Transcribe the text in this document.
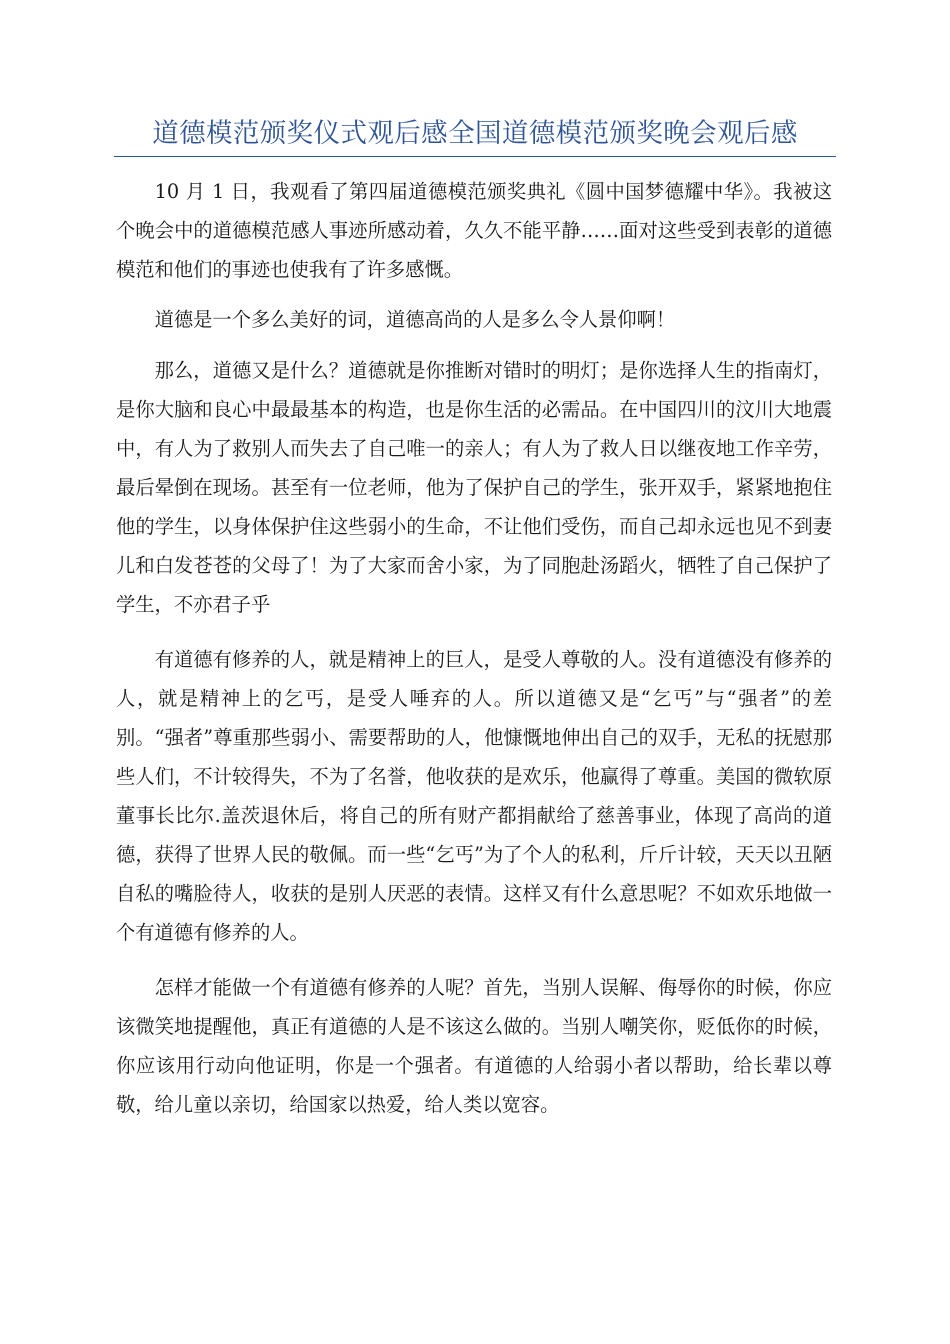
道德模范颁奖仪式观后感全国道德模范颁奖晚会观后感

10 月 1 日，我观看了第四届道德模范颁奖典礼《圆中国梦德耀中华》。我被这个晚会中的道德模范感人事迹所感动着，久久不能平静……面对这些受到表彰的道德模范和他们的事迹也使我有了许多感慨。

道德是一个多么美好的词，道德高尚的人是多么令人景仰啊！

那么，道德又是什么？道德就是你推断对错时的明灯；是你选择人生的指南灯，是你大脑和良心中最最基本的构造，也是你生活的必需品。在中国四川的汶川大地震中，有人为了救别人而失去了自己唯一的亲人；有人为了救人日以继夜地工作辛劳，最后晕倒在现场。甚至有一位老师，他为了保护自己的学生，张开双手，紧紧地抱住他的学生，以身体保护住这些弱小的生命，不让他们受伤，而自己却永远也见不到妻儿和白发苍苍的父母了！为了大家而舍小家，为了同胞赴汤蹈火，牺牲了自己保护了学生，不亦君子乎

有道德有修养的人，就是精神上的巨人，是受人尊敬的人。没有道德没有修养的人，就是精神上的乞丐，是受人唾弃的人。所以道德又是“乞丐”与“强者”的差别。“强者”尊重那些弱小、需要帮助的人，他慷慨地伸出自己的双手，无私的抚慰那些人们，不计较得失，不为了名誉，他收获的是欢乐，他赢得了尊重。美国的微软原董事长比尔.盖茨退休后，将自己的所有财产都捐献给了慈善事业，体现了高尚的道德，获得了世界人民的敬佩。而一些“乞丐”为了个人的私利，斤斤计较，天天以丑陋自私的嘴脸待人，收获的是别人厌恶的表情。这样又有什么意思呢？不如欢乐地做一个有道德有修养的人。

怎样才能做一个有道德有修养的人呢？首先，当别人误解、侮辱你的时候，你应该微笑地提醒他，真正有道德的人是不该这么做的。当别人嘲笑你，贬低你的时候，你应该用行动向他证明，你是一个强者。有道德的人给弱小者以帮助，给长辈以尊敬，给儿童以亲切，给国家以热爱，给人类以宽容。
